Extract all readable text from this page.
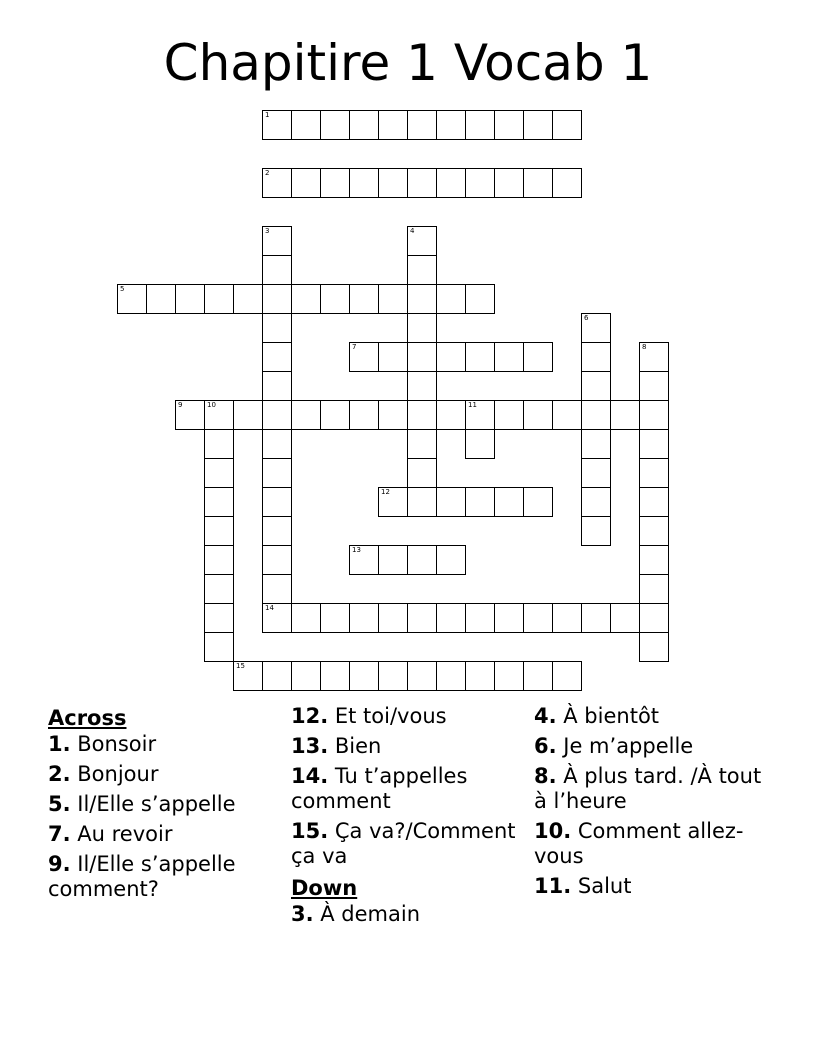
Chapitire 1 Vocab 1
1
2
3
14
4
5
6
7	8
9	10	11
12
13
15
Across
1. Bonsoir
2. Bonjour
5. Il/Elle s’appelle
7. Au revoir
9. Il/Elle s’appelle comment?
12. Et toi/vous
13. Bien
14. Tu t’appelles comment
15. Ça va?/Comment ça va
Down
3. À demain
4. À bientôt
6. Je m’appelle
8. À plus tard. /À tout à l’heure
10. Comment allez-vous
11. Salut
